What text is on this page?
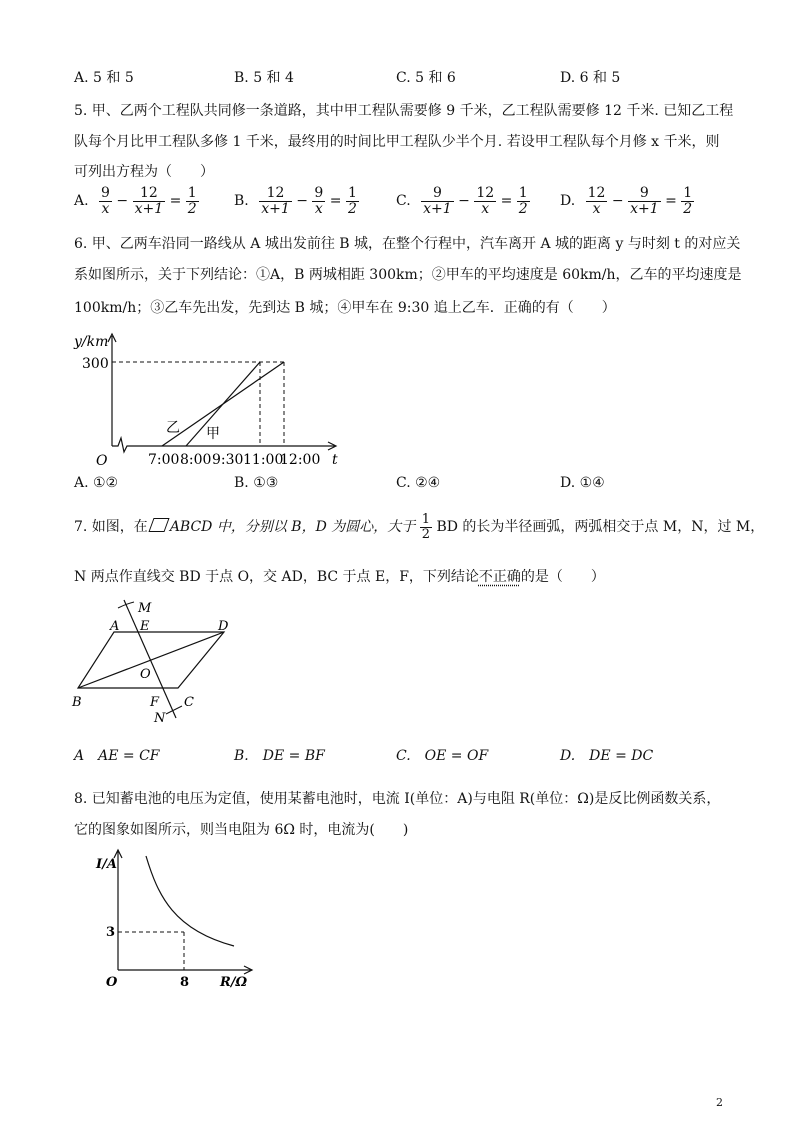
A. 5 和 5	B. 5 和 4	C. 5 和 6	D. 6 和 5
5. 甲、乙两个工程队共同修一条道路，其中甲工程队需要修 9 千米，乙工程队需要修 12 千米. 已知乙工程
队每个月比甲工程队多修 1 千米，最终用的时间比甲工程队少半个月. 若设甲工程队每个月修 x 千米，则
可列出方程为（　　）
A. $\frac{9}{x} - \frac{12}{x+1} = \frac{1}{2}$	B. $\frac{12}{x+1} - \frac{9}{x} = \frac{1}{2}$	C. $\frac{9}{x+1} - \frac{12}{x} = \frac{1}{2} D$. $\frac{12}{x} - \frac{9}{x+1} = \frac{1}{2}$
6. 甲、乙两车沿同一路线从 A 城出发前往 B 城，在整个行程中，汽车离开 A 城的距离 y 与时刻 t 的对应关
系如图所示，关于下列结论：①A，B 两城相距 300km；②甲车的平均速度是 60km/h，乙车的平均速度是
100km/h；③乙车先出发，先到达 B 城；④甲车在 9:30 追上乙车．正确的有（　　）
y/km
300
O	t
7:00 8:00 9:30 11:00
12:00
乙 甲
A. ①②	B. ①③	C. ②④	D. ①④
7. 如图，在 ABCD 中，分别以 B，D 为圆心，大于 $\frac{1}{2}$ BD 的长为半径画弧，两弧相交于点 M，N，过 M，
N 两点作直线交 BD 于点 O，交 AD，BC 于点 E，F，下列结论不正确的是（　　）
A E	D
M
O
B	F C
N
A　AE = CF	B.　DE = BF	C.　OE = OF	D.　DE = DC
8. 已知蓄电池的电压为定值，使用某蓄电池时，电流 I(单位：A)与电阻 R(单位：Ω)是反比例函数关系，
它的图象如图所示，则当电阻为 6Ω 时，电流为(　　)
I/A
3
O	8 R/Ω
2
